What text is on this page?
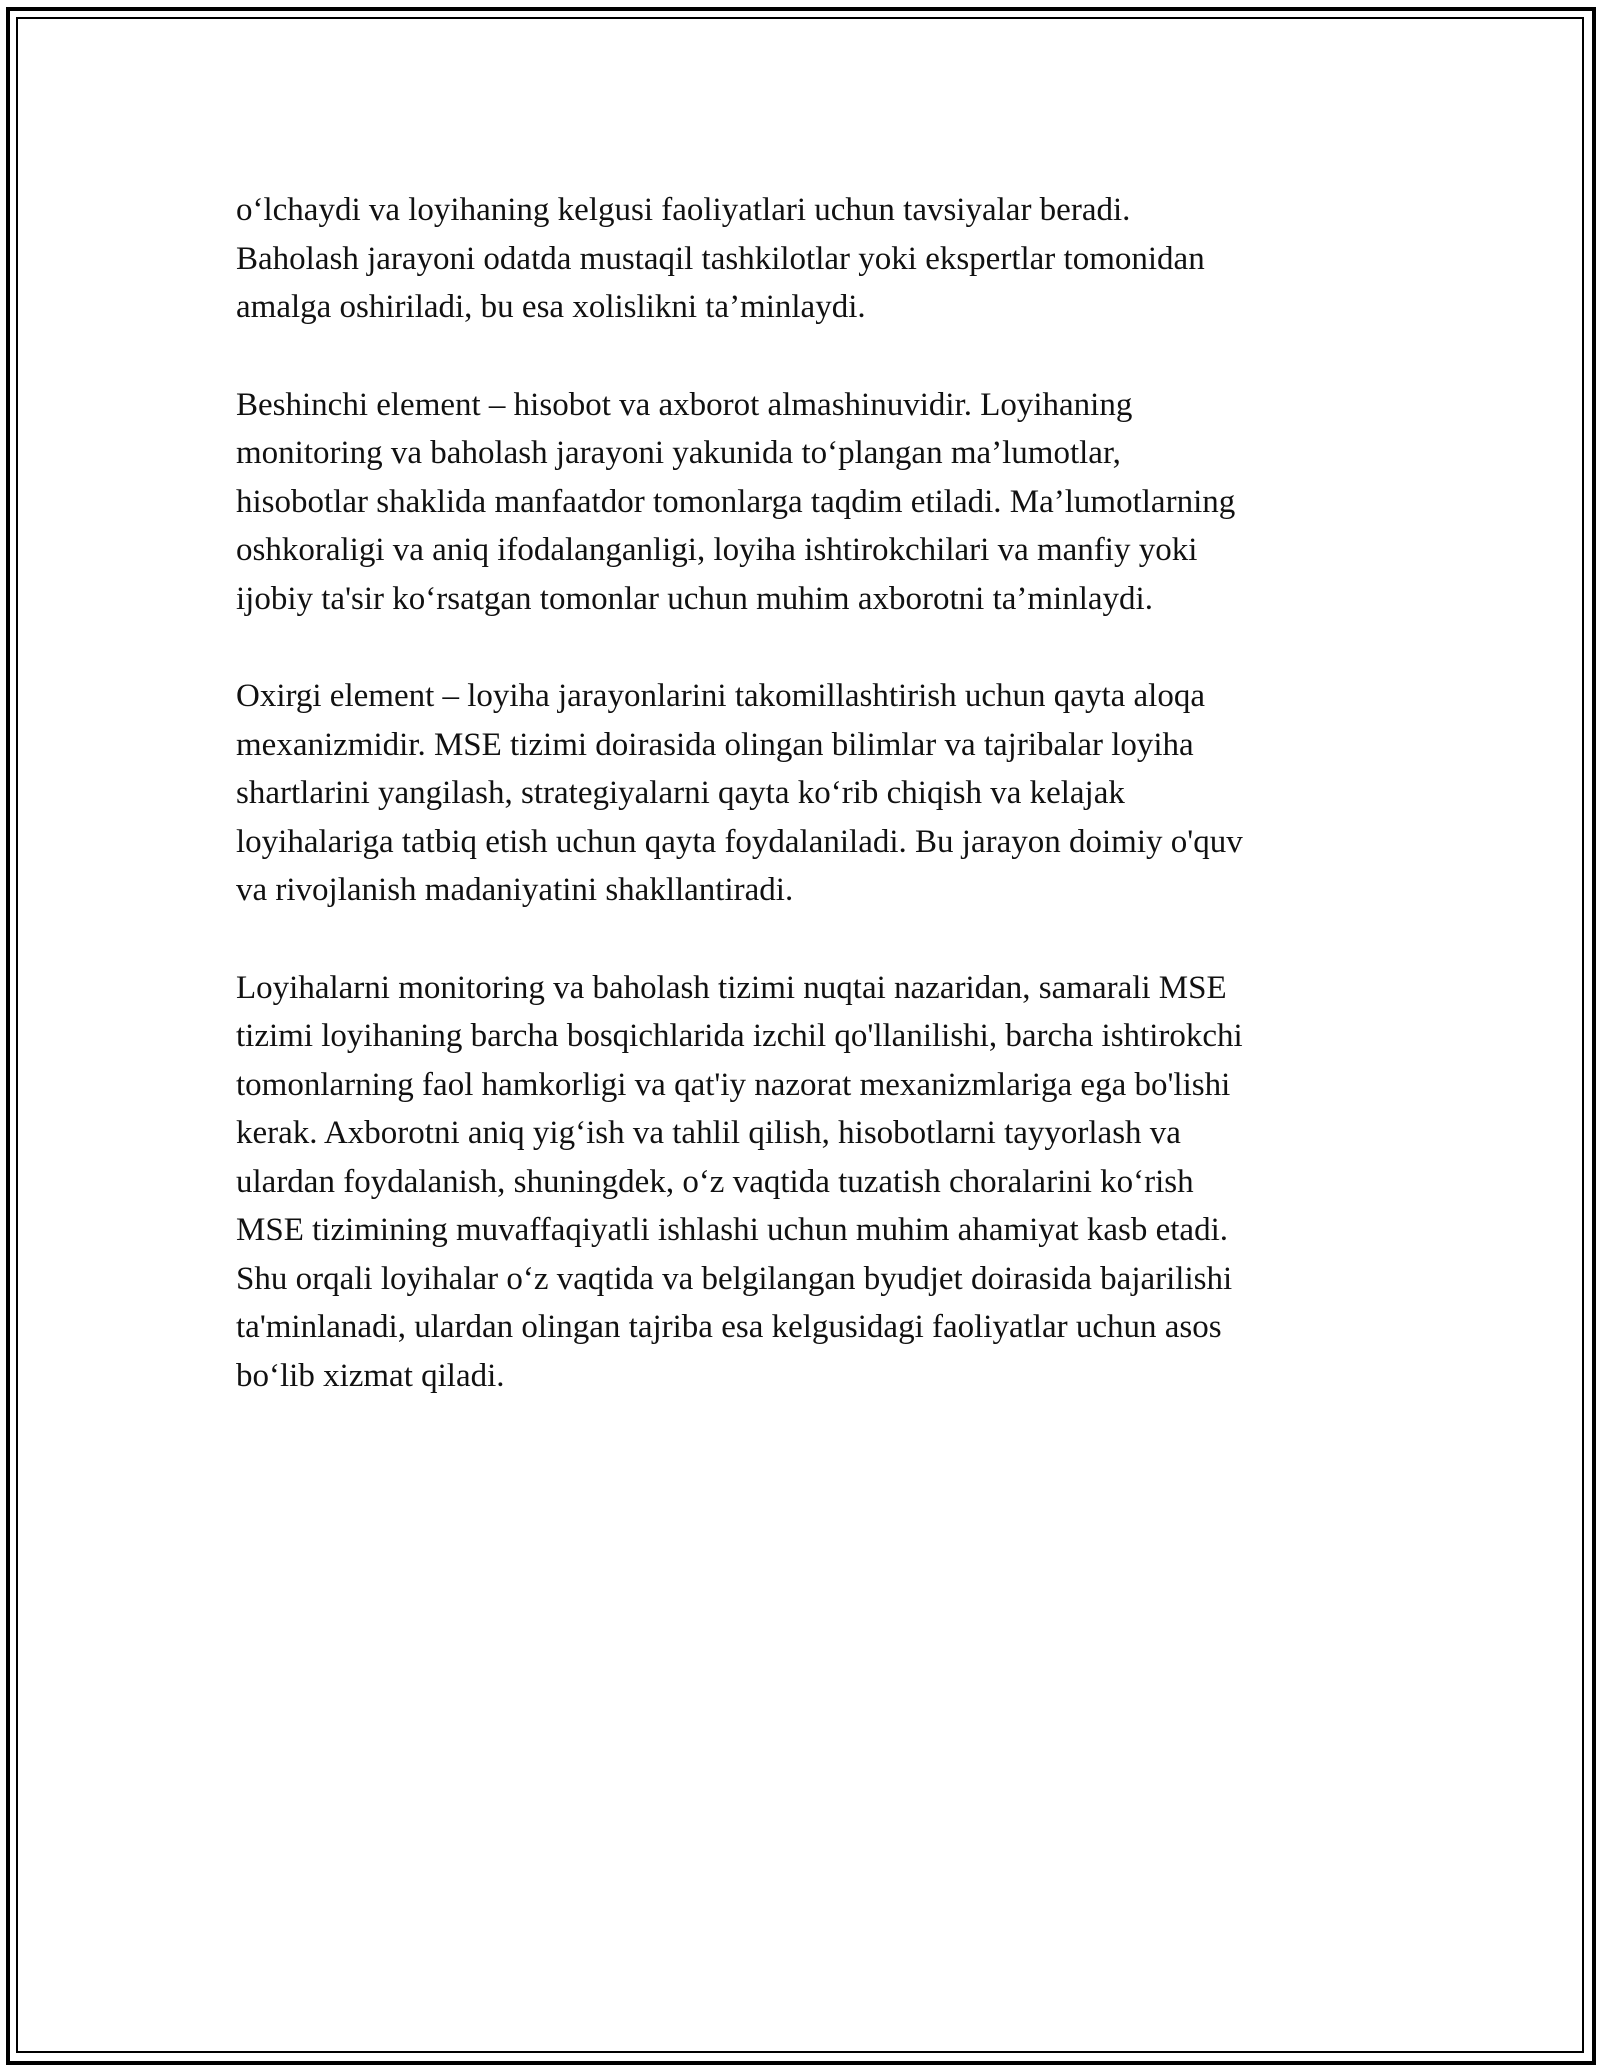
o‘lchaydi va loyihaning kelgusi faoliyatlari uchun tavsiyalar beradi.
Baholash jarayoni odatda mustaqil tashkilotlar yoki ekspertlar tomonidan
amalga oshiriladi, bu esa xolislikni ta’minlaydi.

Beshinchi element – hisobot va axborot almashinuvidir. Loyihaning
monitoring va baholash jarayoni yakunida to‘plangan ma’lumotlar,
hisobotlar shaklida manfaatdor tomonlarga taqdim etiladi. Ma’lumotlarning
oshkoraligi va aniq ifodalanganligi, loyiha ishtirokchilari va manfiy yoki
ijobiy ta'sir ko‘rsatgan tomonlar uchun muhim axborotni ta’minlaydi.

Oxirgi element – loyiha jarayonlarini takomillashtirish uchun qayta aloqa
mexanizmidir. MSE tizimi doirasida olingan bilimlar va tajribalar loyiha
shartlarini yangilash, strategiyalarni qayta ko‘rib chiqish va kelajak
loyihalariga tatbiq etish uchun qayta foydalaniladi. Bu jarayon doimiy o'quv
va rivojlanish madaniyatini shakllantiradi.

Loyihalarni monitoring va baholash tizimi nuqtai nazaridan, samarali MSE
tizimi loyihaning barcha bosqichlarida izchil qo'llanilishi, barcha ishtirokchi
tomonlarning faol hamkorligi va qat'iy nazorat mexanizmlariga ega bo'lishi
kerak. Axborotni aniq yig‘ish va tahlil qilish, hisobotlarni tayyorlash va
ulardan foydalanish, shuningdek, o‘z vaqtida tuzatish choralarini ko‘rish
MSE tizimining muvaffaqiyatli ishlashi uchun muhim ahamiyat kasb etadi.
Shu orqali loyihalar o‘z vaqtida va belgilangan byudjet doirasida bajarilishi
ta'minlanadi, ulardan olingan tajriba esa kelgusidagi faoliyatlar uchun asos
bo‘lib xizmat qiladi.
